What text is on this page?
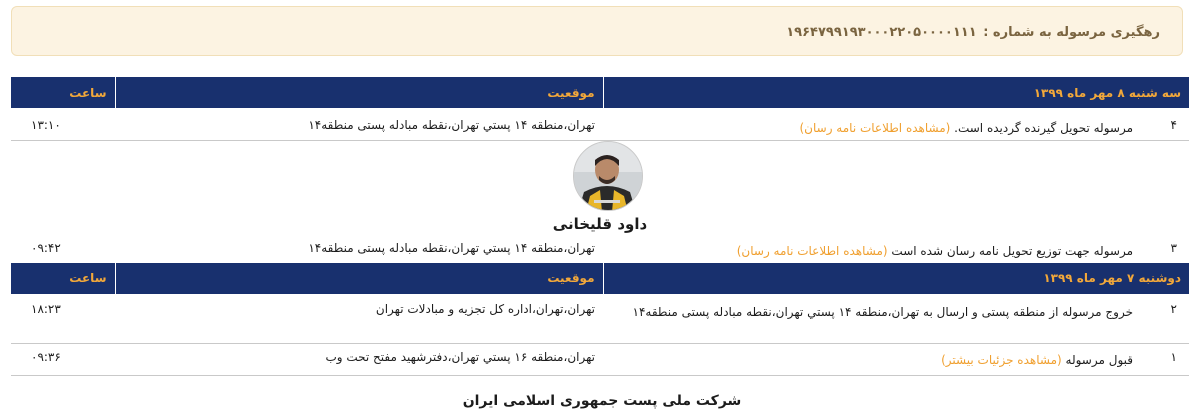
رهگیری مرسوله به شماره : ۱۹۶۴۷۹۹۱۹۳۰۰۰۲۲۰۵۰۰۰۰۱۱۱
سه شنبه ۸ مهر ماه ۱۳۹۹	موقعیت	ساعت

۴
مرسوله تحویل گیرنده گردیده است. (مشاهده اطلاعات نامه رسان)	تهران،منطقه ۱۴ پستي تهران،نقطه مبادله پستی منطقه۱۴	۱۳:۱۰

داود قلیخانی		

۳
مرسوله جهت توزیع تحویل نامه رسان شده است (مشاهده اطلاعات نامه رسان)	تهران،منطقه ۱۴ پستي تهران،نقطه مبادله پستی منطقه۱۴	۰۹:۴۲
دوشنبه ۷ مهر ماه ۱۳۹۹	موقعیت	ساعت

۲
خروج مرسوله از منطقه پستی و ارسال به تهران،منطقه ۱۴ پستي تهران،نقطه مبادله پستی منطقه۱۴	تهران،تهران،اداره کل تجزیه و مبادلات تهران	۱۸:۲۳

۱
قبول مرسوله (مشاهده جزئیات بیشتر)	تهران،منطقه ۱۶ پستي تهران،دفترشهید مفتح تحت وب	۰۹:۳۶
شرکت ملی پست جمهوری اسلامی ایران
